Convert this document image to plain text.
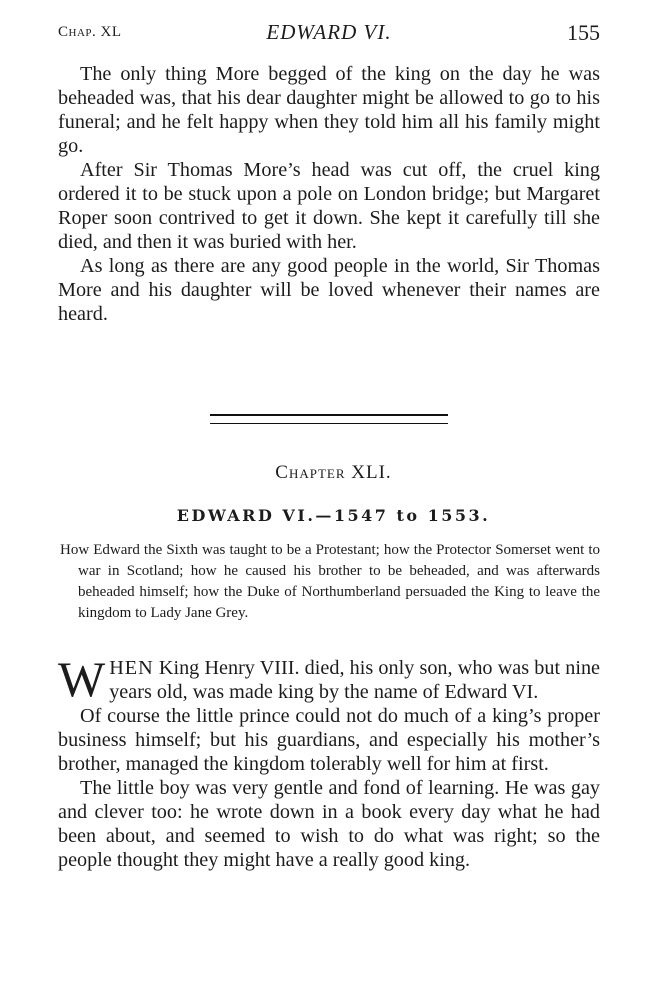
Chap. XL	EDWARD VI.	155

The only thing More begged of the king on the day he was beheaded was, that his dear daughter might be allowed to go to his funeral; and he felt happy when they told him all his family might go.

After Sir Thomas More’s head was cut off, the cruel king ordered it to be stuck upon a pole on London bridge; but Margaret Roper soon contrived to get it down. She kept it carefully till she died, and then it was buried with her.

As long as there are any good people in the world, Sir Thomas More and his daughter will be loved whenever their names are heard.

Chapter XLI.
EDWARD VI.—1547 to 1553.

How Edward the Sixth was taught to be a Protestant; how the Protector Somerset went to war in Scotland; how he caused his brother to be beheaded, and was afterwards beheaded himself; how the Duke of Northumberland persuaded the King to leave the kingdom to Lady Jane Grey.

WHEN King Henry VIII. died, his only son, who was but nine years old, was made king by the name of Edward VI.

Of course the little prince could not do much of a king’s proper business himself; but his guardians, and especially his mother’s brother, managed the kingdom tolerably well for him at first.

The little boy was very gentle and fond of learning. He was gay and clever too: he wrote down in a book every day what he had been about, and seemed to wish to do what was right; so the people thought they might have a really good king.
